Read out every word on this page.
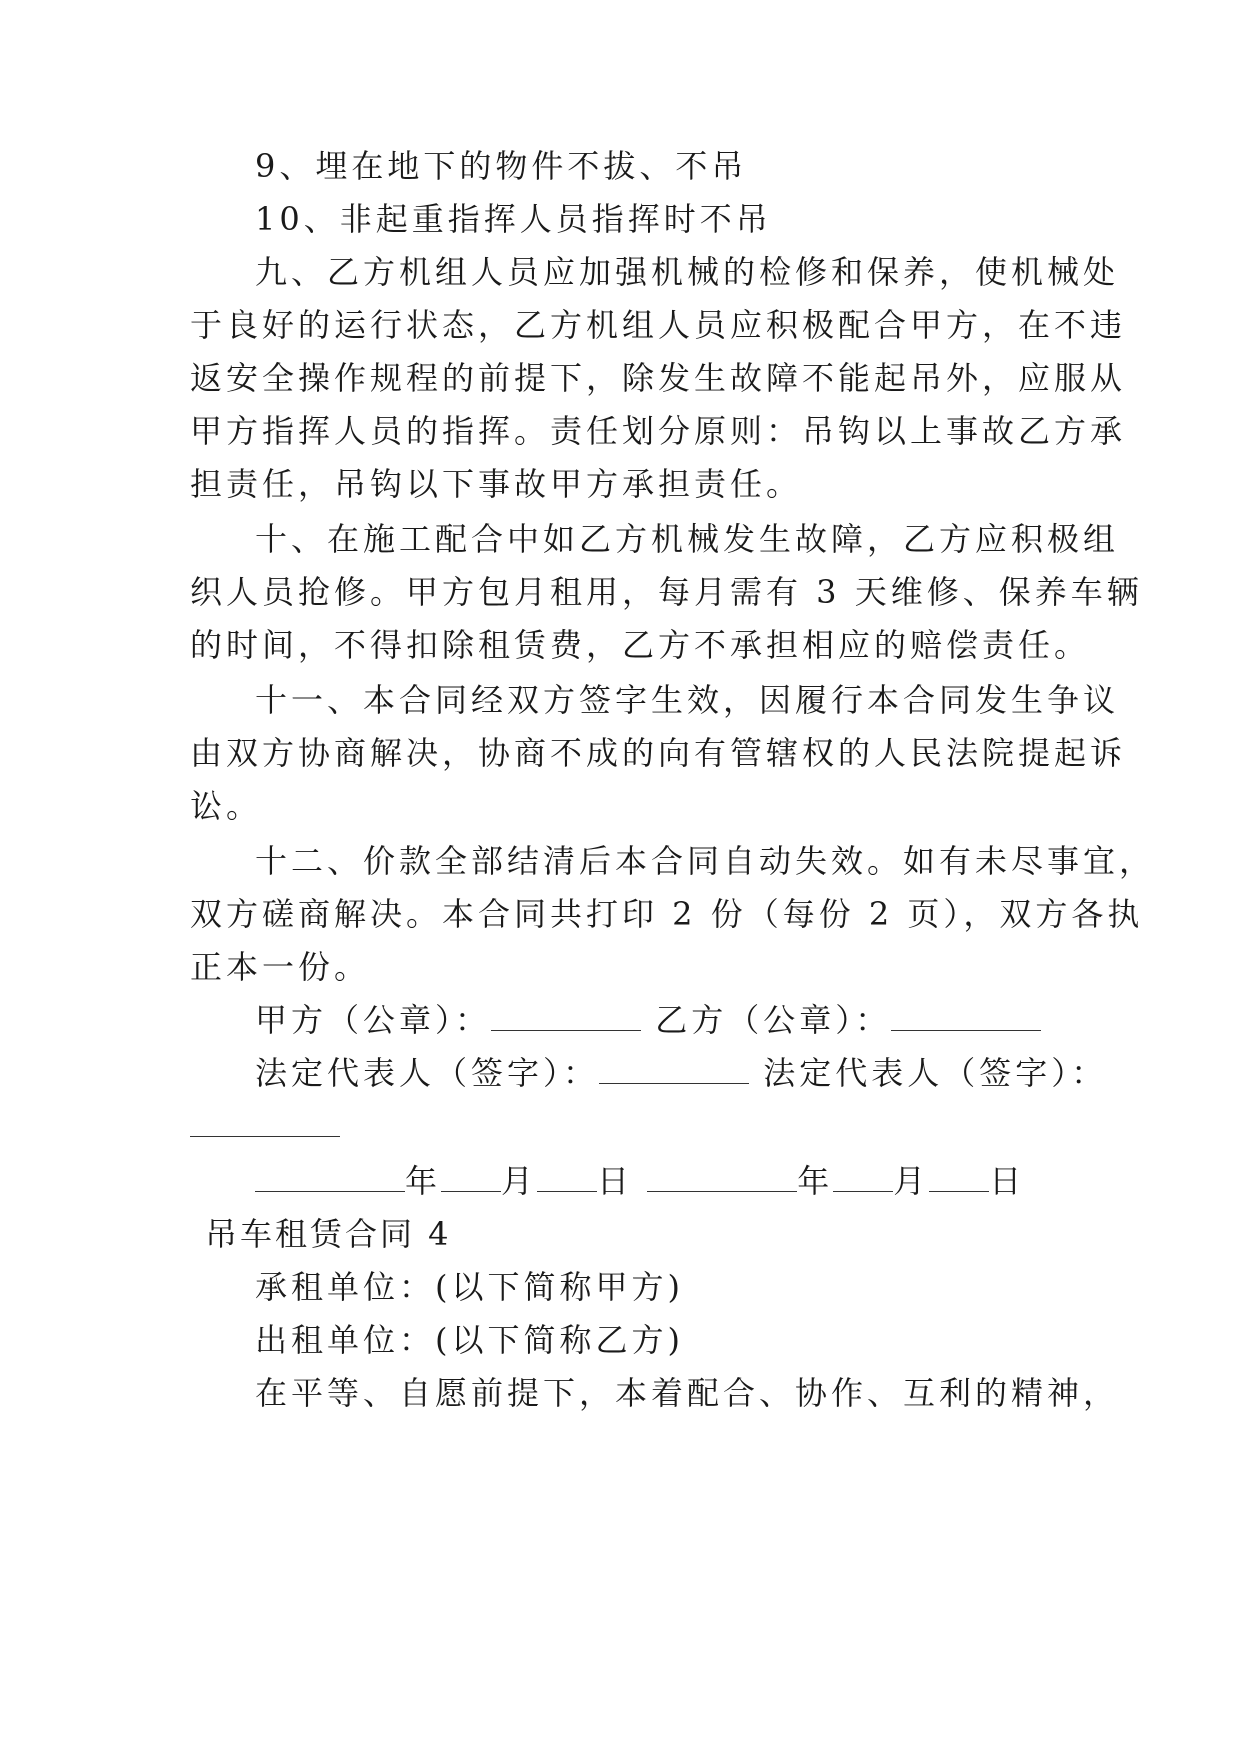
9、埋在地下的物件不拔、不吊
10、非起重指挥人员指挥时不吊
九、乙方机组人员应加强机械的检修和保养，使机械处
于良好的运行状态，乙方机组人员应积极配合甲方，在不违
返安全操作规程的前提下，除发生故障不能起吊外，应服从
甲方指挥人员的指挥。责任划分原则：吊钩以上事故乙方承
担责任，吊钩以下事故甲方承担责任。
十、在施工配合中如乙方机械发生故障，乙方应积极组
织人员抢修。甲方包月租用，每月需有 3 天维修、保养车辆
的时间，不得扣除租赁费，乙方不承担相应的赔偿责任。
十一、本合同经双方签字生效，因履行本合同发生争议
由双方协商解决，协商不成的向有管辖权的人民法院提起诉
讼。
十二、价款全部结清后本合同自动失效。如有未尽事宜，
双方磋商解决。本合同共打印 2 份（每份 2 页），双方各执
正本一份。
甲方（公章）：	乙方（公章）：
法定代表人（签字）：	法定代表人（签字）：
年 月 日	年 月 日
吊车租赁合同 4
承租单位：(以下简称甲方)
出租单位：(以下简称乙方)
在平等、自愿前提下，本着配合、协作、互利的精神，
